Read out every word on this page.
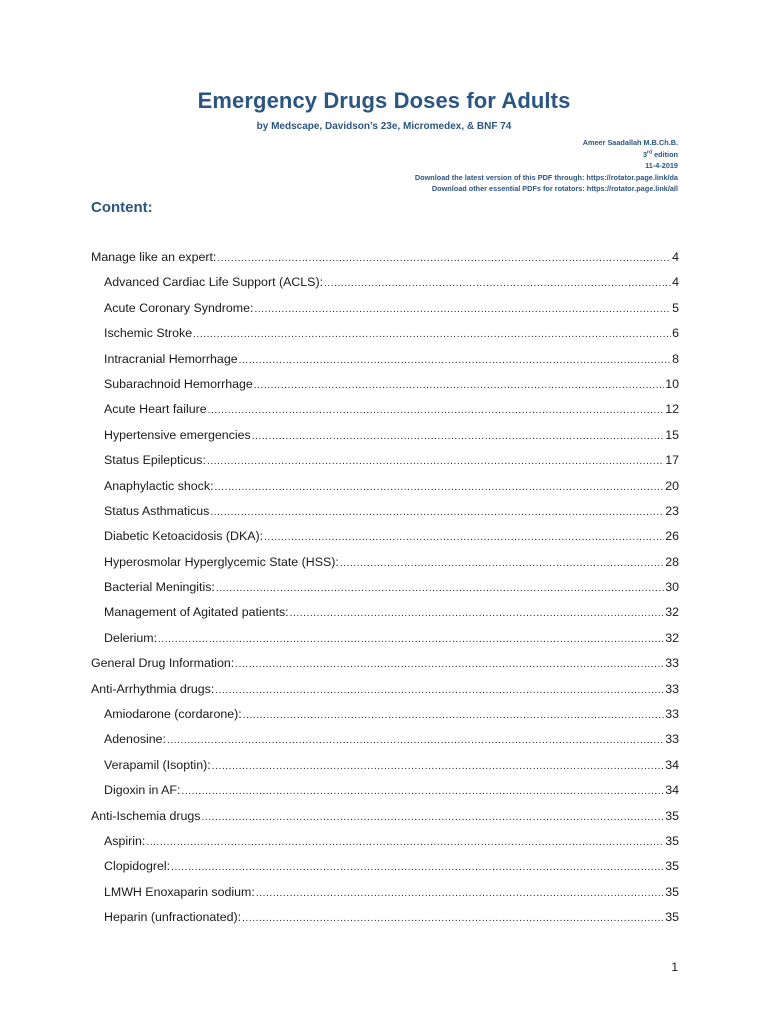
Emergency Drugs Doses for Adults
by Medscape, Davidson’s 23e, Micromedex, & BNF 74
Ameer Saadallah M.B.Ch.B.
3rd edition
11-4-2019
Download the latest version of this PDF through: https://rotator.page.link/da
Download other essential PDFs for rotators: https://rotator.page.link/all
Content:
Manage like an expert: .....	4
Advanced Cardiac Life Support (ACLS): .....	4
Acute Coronary Syndrome: .....	5
Ischemic Stroke .....	6
Intracranial Hemorrhage .....	8
Subarachnoid Hemorrhage .....	10
Acute Heart failure .....	12
Hypertensive emergencies .....	15
Status Epilepticus: .....	17
Anaphylactic shock: .....	20
Status Asthmaticus .....	23
Diabetic Ketoacidosis (DKA): .....	26
Hyperosmolar Hyperglycemic State (HSS): .....	28
Bacterial Meningitis: .....	30
Management of Agitated patients: .....	32
Delerium: .....	32
General Drug Information: .....	33
Anti-Arrhythmia drugs: .....	33
Amiodarone (cordarone): .....	33
Adenosine: .....	33
Verapamil (Isoptin): .....	34
Digoxin in AF: .....	34
Anti-Ischemia drugs .....	35
Aspirin: .....	35
Clopidogrel: .....	35
LMWH Enoxaparin sodium: .....	35
Heparin (unfractionated): .....	35
1
